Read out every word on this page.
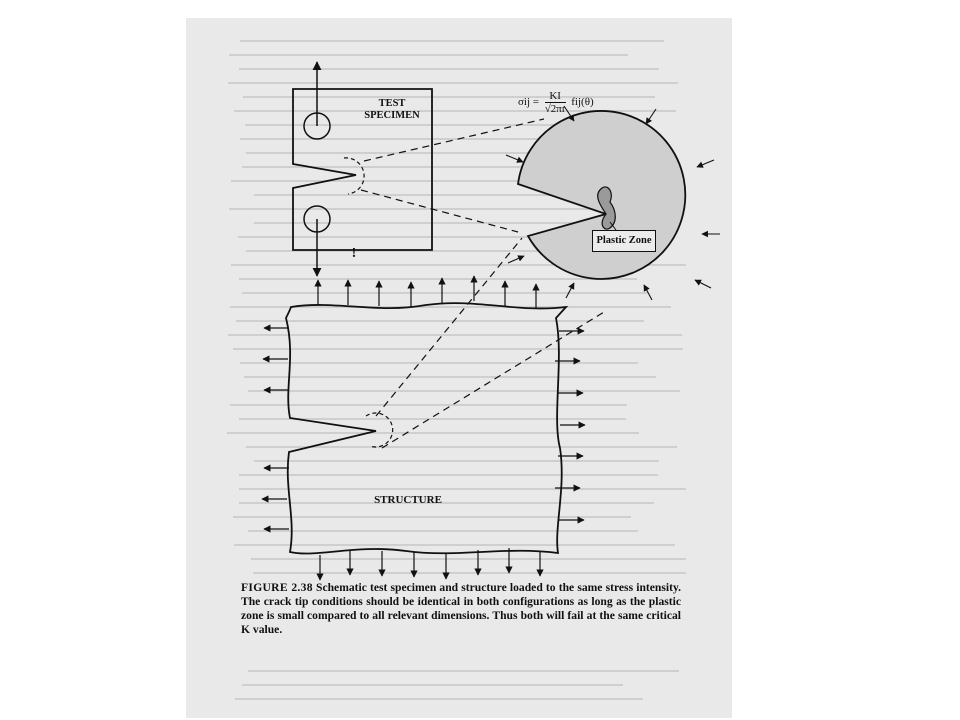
TEST
SPECIMEN
STRUCTURE
!
$\sigma ij = \frac{KI}{√2\pi r} fij(\theta)$
Plastic Zone
FIGURE 2.38 Schematic test specimen and structure loaded to the same stress intensity. The crack tip conditions should be identical in both configurations as long as the plastic zone is small compared to all relevant dimensions. Thus both will fail at the same critical K value.
